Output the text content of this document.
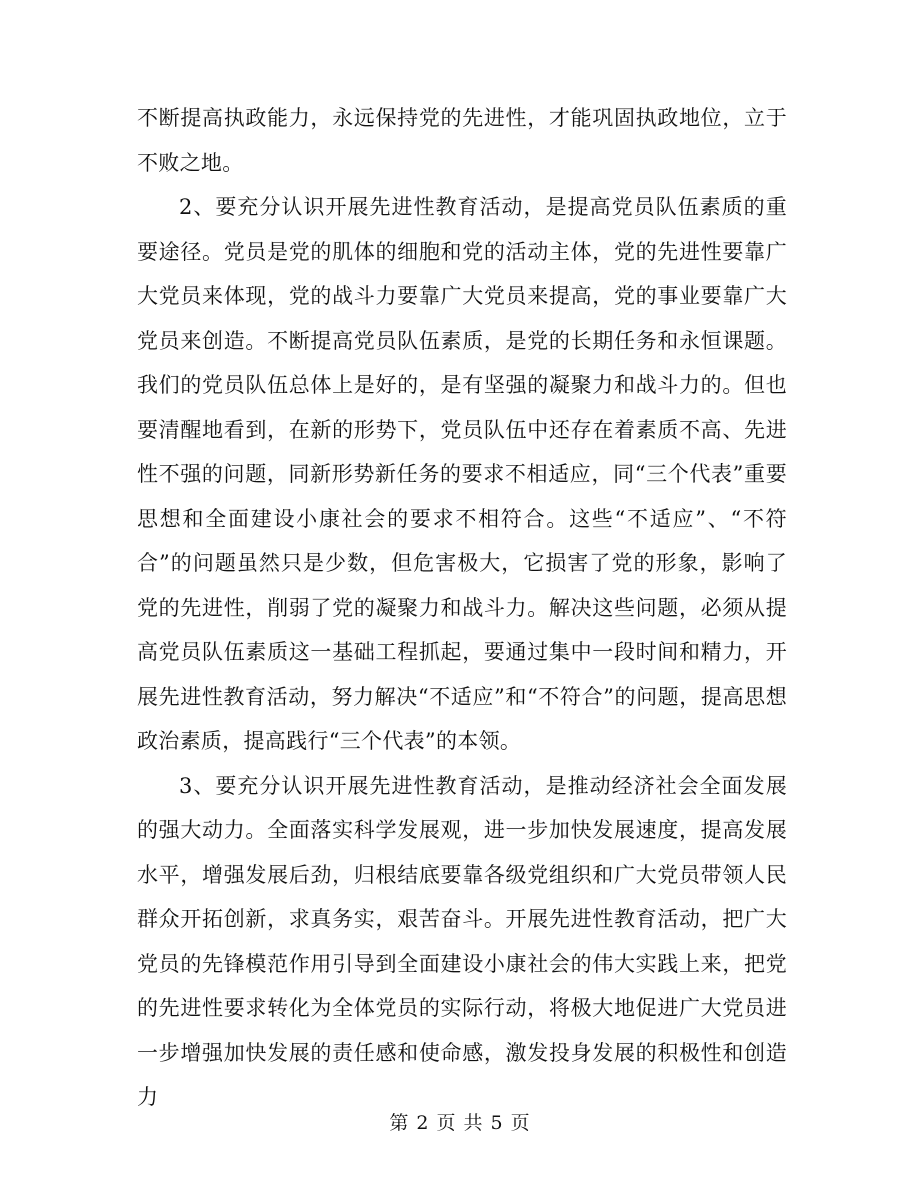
不断提高执政能力，永远保持党的先进性，才能巩固执政地位，立于不败之地。

2、要充分认识开展先进性教育活动，是提高党员队伍素质的重要途径。党员是党的肌体的细胞和党的活动主体，党的先进性要靠广大党员来体现，党的战斗力要靠广大党员来提高，党的事业要靠广大党员来创造。不断提高党员队伍素质，是党的长期任务和永恒课题。我们的党员队伍总体上是好的，是有坚强的凝聚力和战斗力的。但也要清醒地看到，在新的形势下，党员队伍中还存在着素质不高、先进性不强的问题，同新形势新任务的要求不相适应，同“三个代表”重要思想和全面建设小康社会的要求不相符合。这些“不适应”、“不符合”的问题虽然只是少数，但危害极大，它损害了党的形象，影响了党的先进性，削弱了党的凝聚力和战斗力。解决这些问题，必须从提高党员队伍素质这一基础工程抓起，要通过集中一段时间和精力，开展先进性教育活动，努力解决“不适应”和“不符合”的问题，提高思想政治素质，提高践行“三个代表”的本领。

3、要充分认识开展先进性教育活动，是推动经济社会全面发展的强大动力。全面落实科学发展观，进一步加快发展速度，提高发展水平，增强发展后劲，归根结底要靠各级党组织和广大党员带领人民群众开拓创新，求真务实，艰苦奋斗。开展先进性教育活动，把广大党员的先锋模范作用引导到全面建设小康社会的伟大实践上来，把党的先进性要求转化为全体党员的实际行动，将极大地促进广大党员进一步增强加快发展的责任感和使命感，激发投身发展的积极性和创造力

第 2 页 共 5 页
